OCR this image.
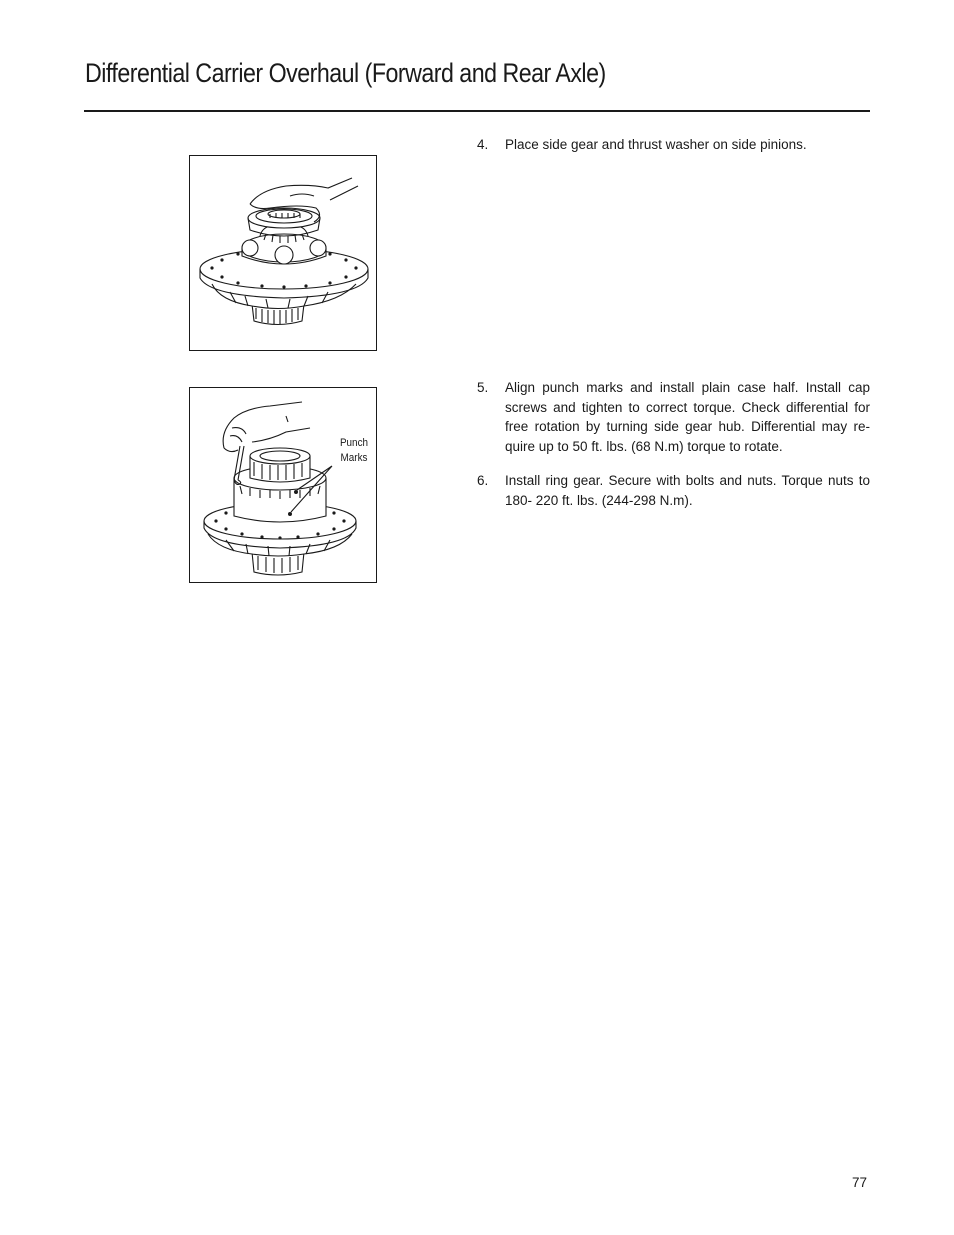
Differential Carrier Overhaul (Forward and Rear Axle)
Punch
Marks
4. Place side gear and thrust washer on side pinions.
5. Align punch marks and install plain case half. Install cap screws and tighten to correct torque. Check differential for free rotation by turning side gear hub. Differential may re- quire up to 50 ft. lbs. (68 N.m) torque to rotate.
6. Install ring gear. Secure with bolts and nuts. Torque nuts to 180- 220 ft. lbs. (244-298 N.m).
77
